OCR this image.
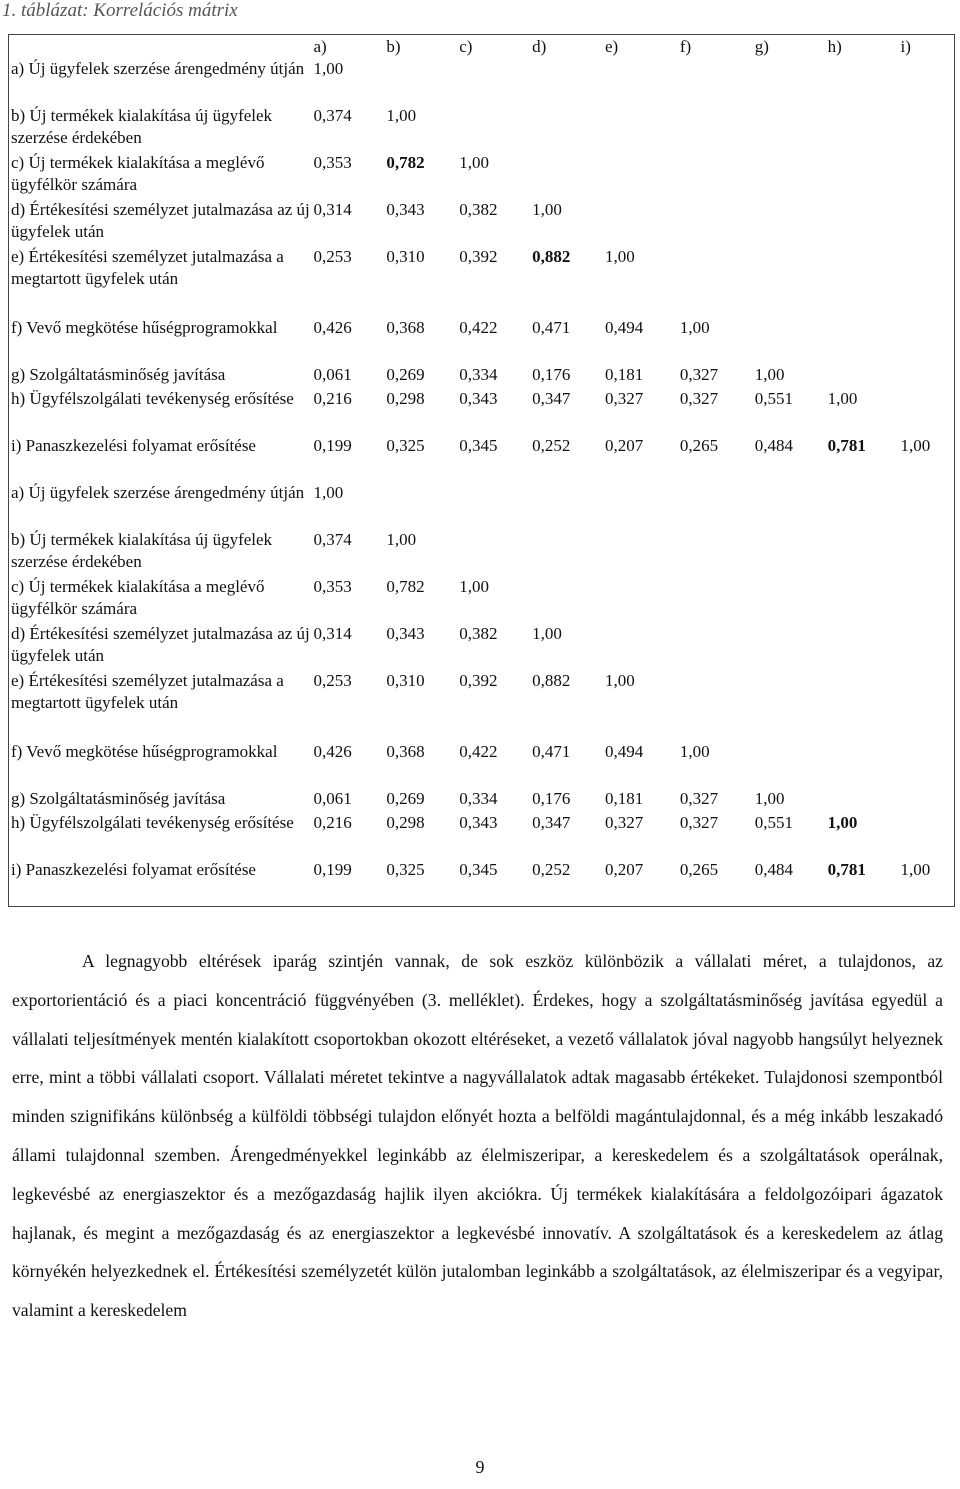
1. táblázat: Korrelációs mátrix
	a)	b)	c)	d)	e)	f)	g)	h)	i)
a) Új ügyfelek szerzése árengedmény útján	1,00								
b) Új termékek kialakítása új ügyfelek szerzése érdekében	0,374	1,00							
c) Új termékek kialakítása a meglévő ügyfélkör számára	0,353	0,782	1,00						
d) Értékesítési személyzet jutalmazása az új ügyfelek után	0,314	0,343	0,382	1,00					
e) Értékesítési személyzet jutalmazása a megtartott ügyfelek után	0,253	0,310	0,392	0,882	1,00				
f) Vevő megkötése hűségprogramokkal	0,426	0,368	0,422	0,471	0,494	1,00			
g) Szolgáltatásminőség javítása	0,061	0,269	0,334	0,176	0,181	0,327	1,00		
h) Ügyfélszolgálati tevékenység erősítése	0,216	0,298	0,343	0,347	0,327	0,327	0,551	1,00	
i) Panaszkezelési folyamat erősítése	0,199	0,325	0,345	0,252	0,207	0,265	0,484	0,781	1,00
a) Új ügyfelek szerzése árengedmény útján	1,00								
b) Új termékek kialakítása új ügyfelek szerzése érdekében	0,374	1,00							
c) Új termékek kialakítása a meglévő ügyfélkör számára	0,353	0,782	1,00						
d) Értékesítési személyzet jutalmazása az új ügyfelek után	0,314	0,343	0,382	1,00					
e) Értékesítési személyzet jutalmazása a megtartott ügyfelek után	0,253	0,310	0,392	0,882	1,00				
f) Vevő megkötése hűségprogramokkal	0,426	0,368	0,422	0,471	0,494	1,00			
g) Szolgáltatásminőség javítása	0,061	0,269	0,334	0,176	0,181	0,327	1,00		
h) Ügyfélszolgálati tevékenység erősítése	0,216	0,298	0,343	0,347	0,327	0,327	0,551	1,00	
i) Panaszkezelési folyamat erősítése	0,199	0,325	0,345	0,252	0,207	0,265	0,484	0,781	1,00
A legnagyobb eltérések iparág szintjén vannak, de sok eszköz különbözik a vállalati méret, a tulajdonos, az exportorientáció és a piaci koncentráció függvényében (3. melléklet). Érdekes, hogy a szolgáltatásminőség javítása egyedül a vállalati teljesítmények mentén kialakított csoportokban okozott eltéréseket, a vezető vállalatok jóval nagyobb hangsúlyt helyeznek erre, mint a többi vállalati csoport. Vállalati méretet tekintve a nagyvállalatok adtak magasabb értékeket. Tulajdonosi szempontból minden szignifikáns különbség a külföldi többségi tulajdon előnyét hozta a belföldi magántulajdonnal, és a még inkább leszakadó állami tulajdonnal szemben. Árengedményekkel leginkább az élelmiszeripar, a kereskedelem és a szolgáltatások operálnak, legkevésbé az energiaszektor és a mezőgazdaság hajlik ilyen akciókra. Új termékek kialakítására a feldolgozóipari ágazatok hajlanak, és megint a mezőgazdaság és az energiaszektor a legkevésbé innovatív. A szolgáltatások és a kereskedelem az átlag környékén helyezkednek el. Értékesítési személyzetét külön jutalomban leginkább a szolgáltatások, az élelmiszeripar és a vegyipar, valamint a kereskedelem
9
